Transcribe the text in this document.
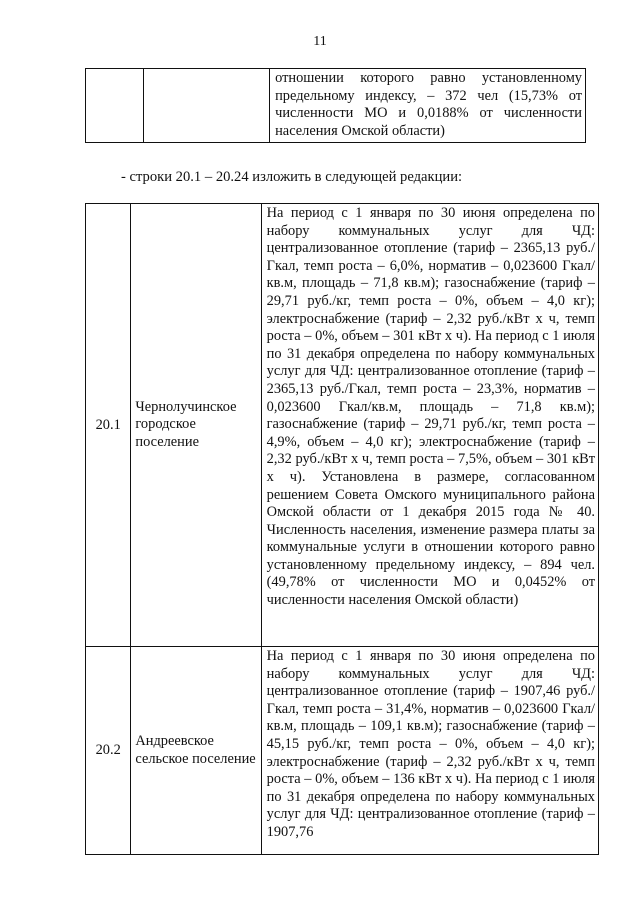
11

отношении которого равно установленному предельному индексу, – 372 чел (15,73% от численности МО и 0,0188% от численности населения Омской области)
- строки 20.1 – 20.24 изложить в следующей редакции:
20.1	Чернолучинское городское поселение	На период с 1 января по 30 июня определена по набору коммунальных услуг для ЧД: централизованное отопление (тариф – 2365,13 руб./Гкал, темп роста – 6,0%, норматив – 0,023600 Гкал/кв.м, площадь – 71,8 кв.м); газоснабжение (тариф – 29,71 руб./кг, темп роста – 0%, объем – 4,0 кг); электроснабжение (тариф – 2,32 руб./кВт х ч, темп роста – 0%, объем – 301 кВт х ч). На период с 1 июля по 31 декабря определена по набору коммунальных услуг для ЧД: централизованное отопление (тариф – 2365,13 руб./Гкал, темп роста – 23,3%, норматив – 0,023600 Гкал/кв.м, площадь – 71,8 кв.м); газоснабжение (тариф – 29,71 руб./кг, темп роста – 4,9%, объем – 4,0 кг); электроснабжение (тариф – 2,32 руб./кВт х ч, темп роста – 7,5%, объем – 301 кВт х ч). Установлена в размере, согласованном решением Совета Омского муниципального района Омской области от 1 декабря 2015 года № 40. Численность населения, изменение размера платы за коммунальные услуги в отношении которого равно установленному предельному индексу, – 894 чел. (49,78% от численности МО и 0,0452% от численности населения Омской области)

20.2	Андреевское сельское поселение	На период с 1 января по 30 июня определена по набору коммунальных услуг для ЧД: централизованное отопление (тариф – 1907,46 руб./Гкал, темп роста – 31,4%, норматив – 0,023600 Гкал/кв.м, площадь – 109,1 кв.м); газоснабжение (тариф – 45,15 руб./кг, темп роста – 0%, объем – 4,0 кг); электроснабжение (тариф – 2,32 руб./кВт х ч, темп роста – 0%, объем – 136 кВт х ч). На период с 1 июля по 31 декабря определена по набору коммунальных услуг для ЧД: централизованное отопление (тариф – 1907,76
